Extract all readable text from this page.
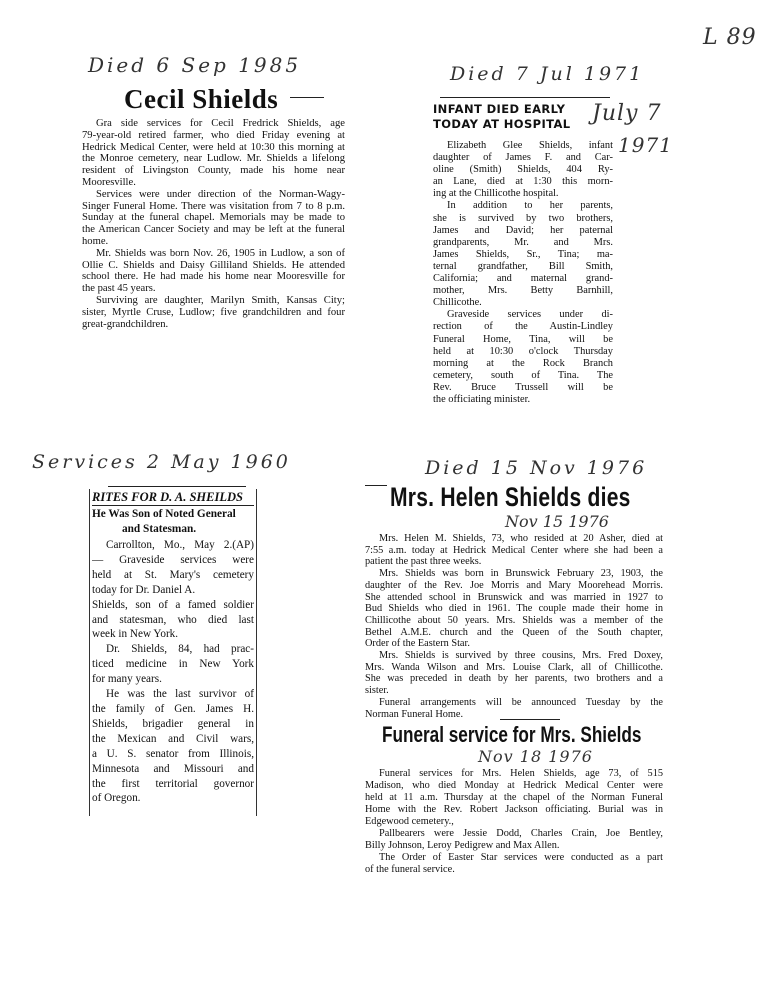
L 89
Died 6 Sep 1985
Cecil Shields
Gra side services for Cecil Fredrick Shields, age
79-year-old retired farmer, who died Friday evening at
Hedrick Medical Center, were held at 10:30 this morning at
the Monroe cemetery, near Ludlow. Mr. Shields a lifelong
resident of Livingston County, made his home near
Mooresville.
Services were under direction of the Norman-Wagy-
Singer Funeral Home. There was visitation from 7 to 8 p.m.
Sunday at the funeral chapel. Memorials may be made to
the American Cancer Society and may be left at the funeral
home.
Mr. Shields was born Nov. 26, 1905 in Ludlow, a son of
Ollie C. Shields and Daisy Gilliland Shields. He attended
school there. He had made his home near Mooresville for
the past 45 years.
Surviving are daughter, Marilyn Smith, Kansas City;
sister, Myrtle Cruse, Ludlow; five grandchildren and four
great-grandchildren.
Died 7 Jul 1971
INFANT DIED EARLY
TODAY AT HOSPITAL July 7
1971
Elizabeth Glee Shields, infant
daughter of James F. and Car-
oline (Smith) Shields, 404 Ry-
an Lane, died at 1:30 this morn-
ing at the Chillicothe hospital.
In addition to her parents,
she is survived by two brothers,
James and David; her paternal
grandparents, Mr. and Mrs.
James Shields, Sr., Tina; ma-
ternal grandfather, Bill Smith,
California; and maternal grand-
mother, Mrs. Betty Barnhill,
Chillicothe.
Graveside services under di-
rection of the Austin-Lindley
Funeral Home, Tina, will be
held at 10:30 o'clock Thursday
morning at the Rock Branch
cemetery, south of Tina. The
Rev. Bruce Trussell will be
the officiating minister.
Services 2 May 1960
RITES FOR D. A. SHEILDS
He Was Son of Noted General
and Statesman.
Carrollton, Mo., May 2.(AP)
— Graveside services were
held at St. Mary's cemetery
today for Dr. Daniel A.
Shields, son of a famed soldier
and statesman, who died last
week in New York.
Dr. Shields, 84, had prac-
ticed medicine in New York
for many years.
He was the last survivor of
the family of Gen. James H.
Shields, brigadier general in
the Mexican and Civil wars,
a U. S. senator from Illinois,
Minnesota and Missouri and
the first territorial governor
of Oregon.
Died 15 Nov 1976
Mrs. Helen Shields dies
Nov 15 1976
Mrs. Helen M. Shields, 73, who resided at 20 Asher, died at
7:55 a.m. today at Hedrick Medical Center where she had been a
patient the past three weeks.
Mrs. Shields was born in Brunswick February 23, 1903, the
daughter of the Rev. Joe Morris and Mary Moorehead Morris.
She attended school in Brunswick and was married in 1927 to
Bud Shields who died in 1961. The couple made their home in
Chillicothe about 50 years. Mrs. Shields was a member of the
Bethel A.M.E. church and the Queen of the South chapter,
Order of the Eastern Star.
Mrs. Shields is survived by three cousins, Mrs. Fred Doxey,
Mrs. Wanda Wilson and Mrs. Louise Clark, all of Chillicothe.
She was preceded in death by her parents, two brothers and a
sister.
Funeral arrangements will be announced Tuesday by the
Norman Funeral Home.
Funeral service for Mrs. Shields
Nov 18 1976
Funeral services for Mrs. Helen Shields, age 73, of 515
Madison, who died Monday at Hedrick Medical Center were
held at 11 a.m. Thursday at the chapel of the Norman Funeral
Home with the Rev. Robert Jackson officiating. Burial was in
Edgewood cemetery.,
Pallbearers were Jessie Dodd, Charles Crain, Joe Bentley,
Billy Johnson, Leroy Pedigrew and Max Allen.
The Order of Easter Star services were conducted as a part
of the funeral service.
